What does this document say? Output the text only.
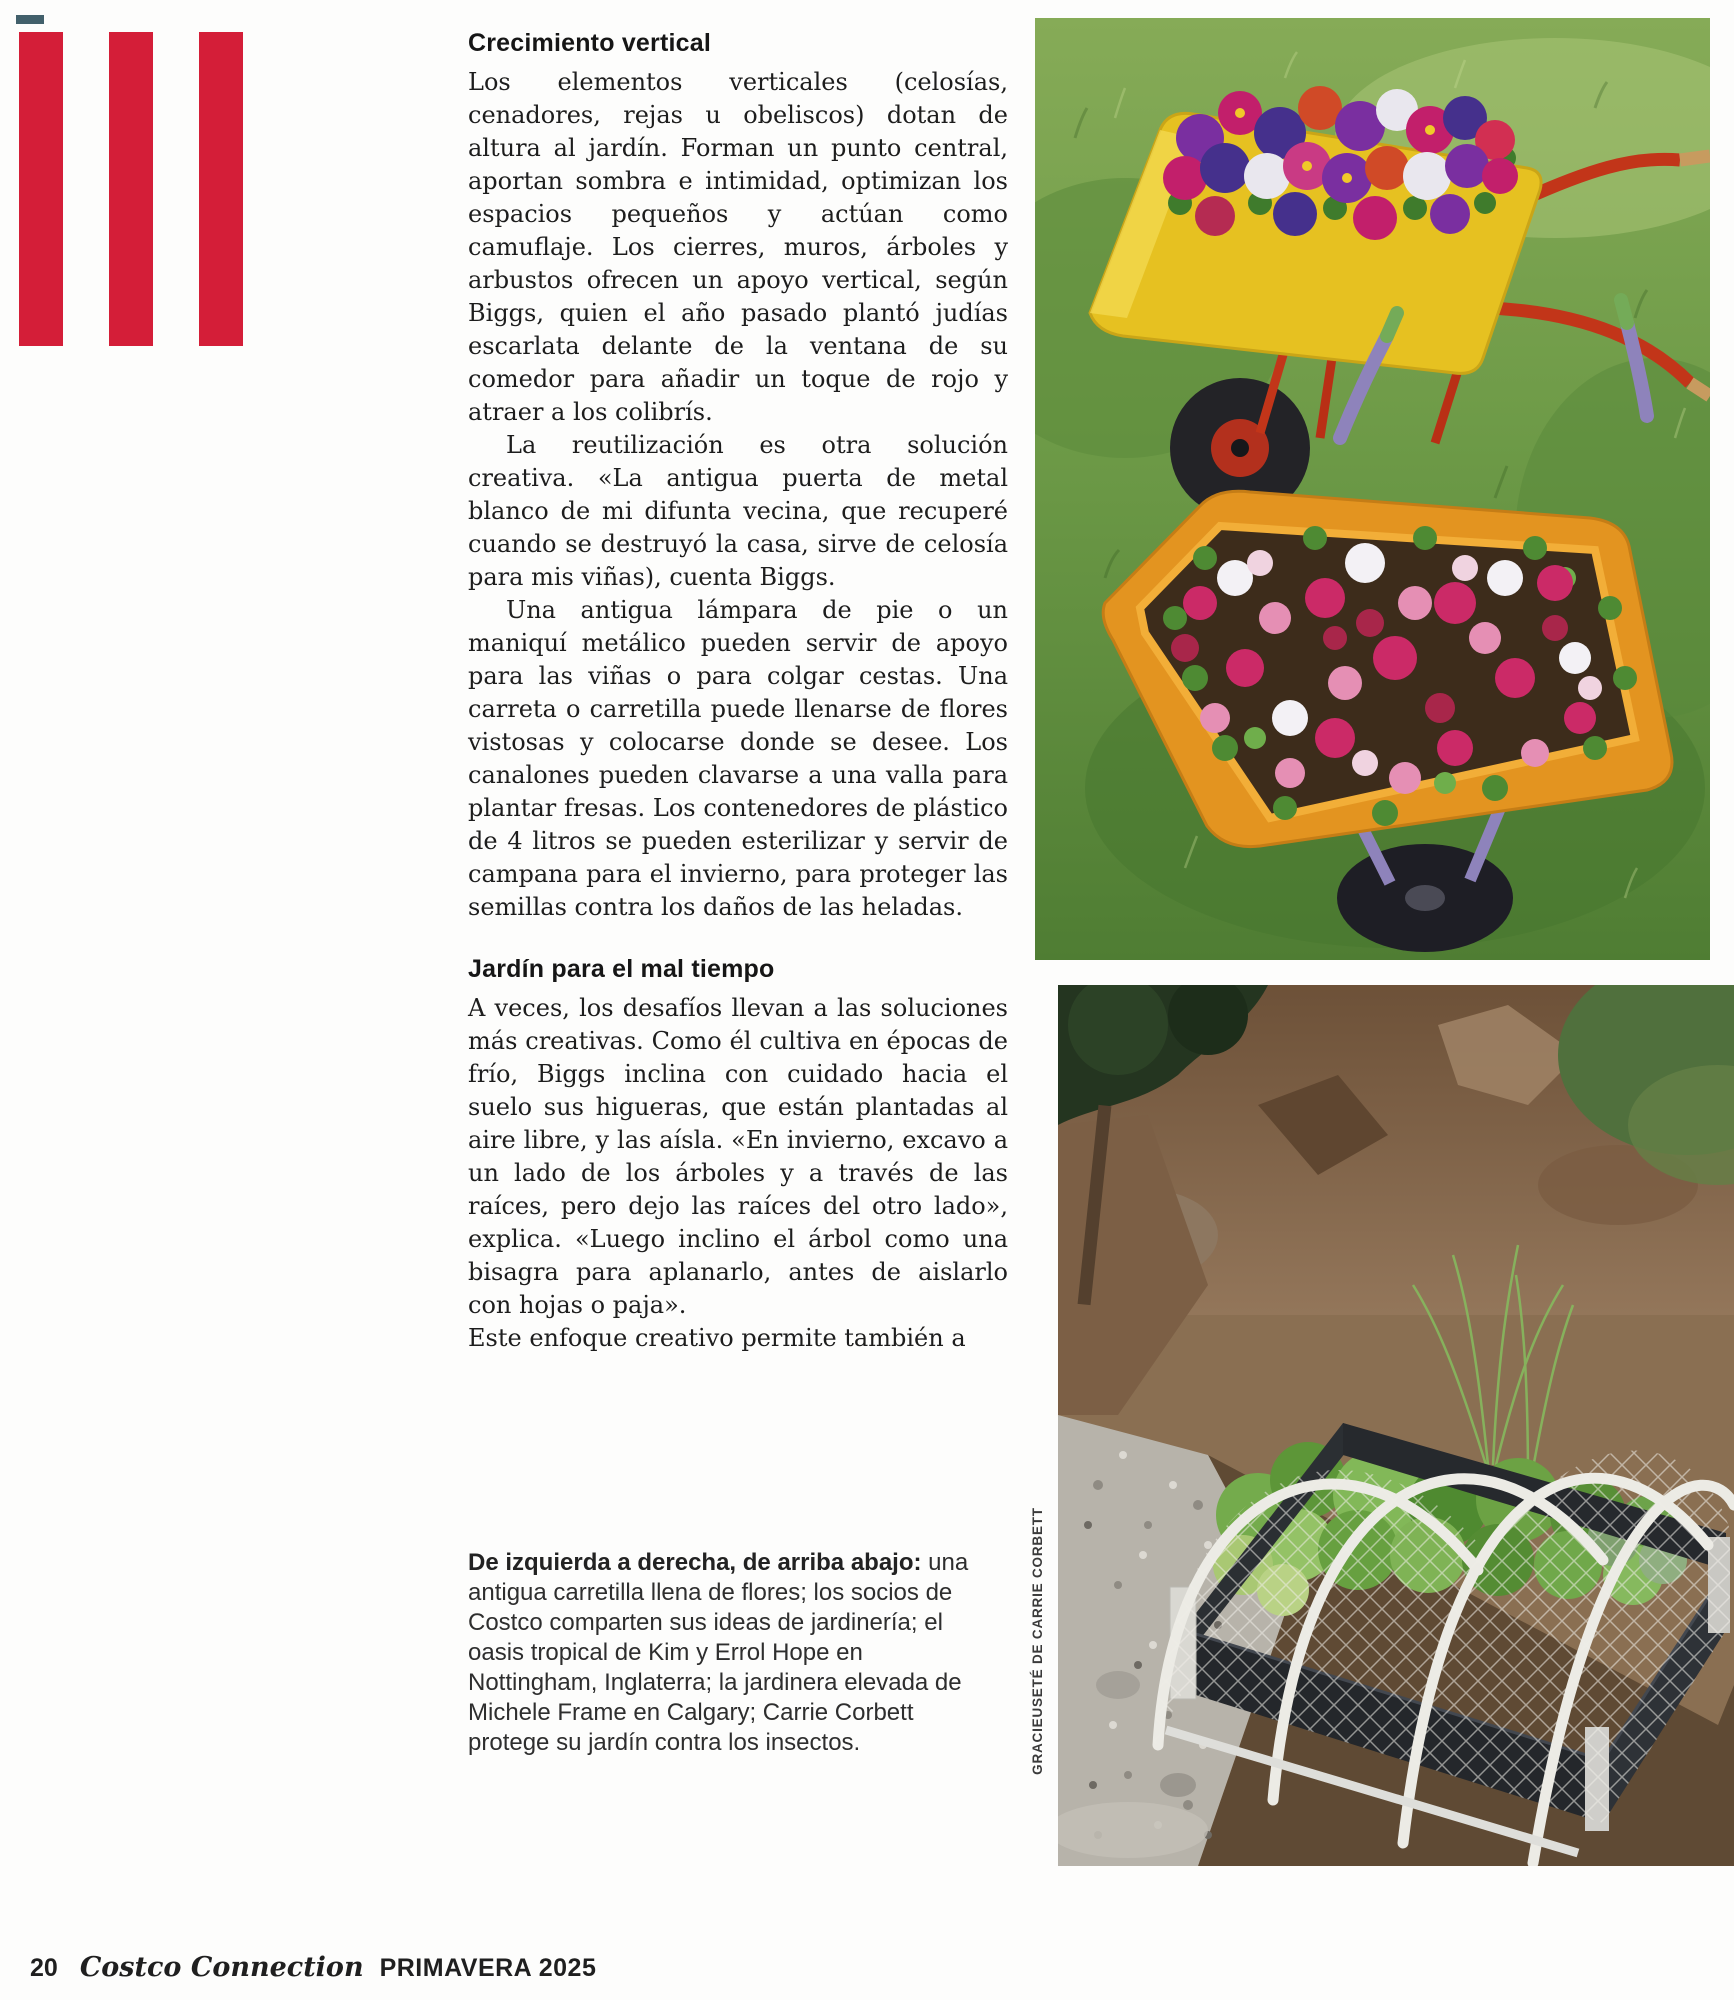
Crecimiento vertical

Los elementos verticales (celosías, cenadores, rejas u obeliscos) dotan de altura al jardín. Forman un punto central, aportan sombra e intimidad, optimizan los espacios pequeños y actúan como camuflaje. Los cierres, muros, árboles y arbustos ofrecen un apoyo vertical, según Biggs, quien el año pasado plantó judías escarlata delante de la ventana de su comedor para añadir un toque de rojo y atraer a los colibrís.

La reutilización es otra solución creativa. «La antigua puerta de metal blanco de mi difunta vecina, que recuperé cuando se destruyó la casa, sirve de celosía para mis viñas), cuenta Biggs.

Una antigua lámpara de pie o un maniquí metálico pueden servir de apoyo para las viñas o para colgar cestas. Una carreta o carretilla puede llenarse de flores vistosas y colocarse donde se desee. Los canalones pueden clavarse a una valla para plantar fresas. Los contenedores de plástico de 4 litros se pueden esterilizar y servir de campana para el invierno, para proteger las semillas contra los daños de las heladas.

Jardín para el mal tiempo

A veces, los desafíos llevan a las soluciones más creativas. Como él cultiva en épocas de frío, Biggs inclina con cuidado hacia el suelo sus higueras, que están plantadas al aire libre, y las aísla. «En invierno, excavo a un lado de los árboles y a través de las raíces, pero dejo las raíces del otro lado», explica. «Luego inclino el árbol como una bisagra para aplanarlo, antes de aislarlo con hojas o paja».

Este enfoque creativo permite también a

De izquierda a derecha, de arriba abajo: una antigua carretilla llena de flores; los socios de Costco comparten sus ideas de jardinería; el oasis tropical de Kim y Errol Hope en Nottingham, Inglaterra; la jardinera elevada de Michele Frame en Calgary; Carrie Corbett protege su jardín contra los insectos.	GRACIEUSETÉ DE CARRIE CORBETT
20 Costco Connection PRIMAVERA 2025
